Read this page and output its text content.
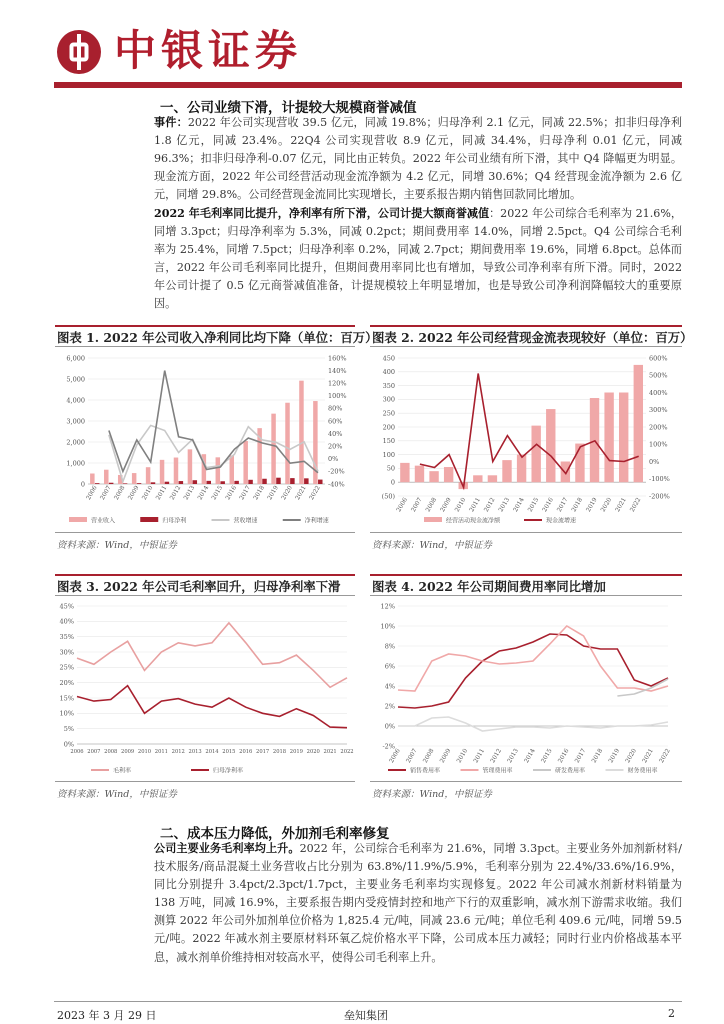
中银证券
一、公司业绩下滑，计提较大规模商誉减值

事件：2022 年公司实现营收 39.5 亿元，同减 19.8%；归母净利 2.1 亿元，同减 22.5%；扣非归母净利 1.8 亿元，同减 23.4%。22Q4 公司实现营收 8.9 亿元，同减 34.4%，归母净利 0.01 亿元，同减 96.3%；扣非归母净利-0.07 亿元，同比由正转负。2022 年公司业绩有所下滑，其中 Q4 降幅更为明显。现金流方面，2022 年公司经营活动现金流净额为 4.2 亿元，同增 30.6%；Q4 经营现金流净额为 2.6 亿元，同增 29.8%。公司经营现金流同比实现增长，主要系报告期内销售回款同比增加。

2022 年毛利率同比提升，净利率有所下滑，公司计提大额商誉减值：2022 年公司综合毛利率为 21.6%，同增 3.3pct；归母净利率为 5.3%，同减 0.2pct；期间费用率 14.0%，同增 2.5pct。Q4 公司综合毛利率为 25.4%，同增 7.5pct；归母净利率 0.2%，同减 2.7pct；期间费用率 19.6%，同增 6.8pct。总体而言，2022 年公司毛利率同比提升，但期间费用率同比也有增加，导致公司净利率有所下滑。同时，2022 年公司计提了 0.5 亿元商誉减值准备，计提规模较上年明显增加，也是导致公司净利润降幅较大的重要原因。

图表 1. 2022 年公司收入净利同比均下降（单位：百万）
0
1,000
2,000
3,000
4,000
5,000
6,000
-40%
-20%
0%
20%
40%
60%
80%
100%
120%
140%
160%
2006 2007 2008 2009 2010 2011 2012 2013 2014 2015 2016 2017 2018 2019 2020 2021 2022
营业收入	归母净利	营收增速	净利增速
资料来源：Wind，中银证券
图表 2. 2022 年公司经营现金流表现较好（单位：百万）
(50)
0
50
100
150
200
250
300
350
400
450
-200%
-100%
0%
100%
200%
300%
400%
500%
600%
2006 2007 2008 2009 2010 2011 2012 2013 2014 2015 2016 2017 2018 2019 2020 2021 2022
经营活动现金流净额	现金流增速
资料来源：Wind，中银证券
图表 3. 2022 年公司毛利率回升，归母净利率下滑
0%
5%
10%
15%
20%
25%
30%
35%
40%
45%
2006 2007 2008 2009 2010 2011 2012 2013 2014 2015 2016 2017 2018 2019 2020 2021 2022
毛利率	归母净利率
资料来源：Wind，中银证券
图表 4. 2022 年公司期间费用率同比增加
-2%
0%
2%
4%
6%
8%
10%
12%
2006 2007 2008 2009 2010 2011 2012 2013 2014 2015 2016 2017 2018 2019 2020 2021 2022
销售费用率	管理费用率	研发费用率	财务费用率
资料来源：Wind，中银证券
二、成本压力降低，外加剂毛利率修复

公司主要业务毛利率均上升。2022 年，公司综合毛利率为 21.6%，同增 3.3pct。主要业务外加剂新材料/技术服务/商品混凝土业务营收占比分别为 63.8%/11.9%/5.9%，毛利率分别为 22.4%/33.6%/16.9%，同比分别提升 3.4pct/2.3pct/1.7pct，主要业务毛利率均实现修复。2022 年公司减水剂新材料销量为 138 万吨，同减 16.9%，主要系报告期内受疫情封控和地产下行的双重影响，减水剂下游需求收缩。我们测算 2022 年公司外加剂单位价格为 1,825.4 元/吨，同减 23.6 元/吨；单位毛利 409.6 元/吨，同增 59.5 元/吨。2022 年减水剂主要原材料环氧乙烷价格水平下降，公司成本压力减轻；同时行业内价格战基本平息，减水剂单价维持相对较高水平，使得公司毛利率上升。

2023 年 3 月 29 日	垒知集团	2
